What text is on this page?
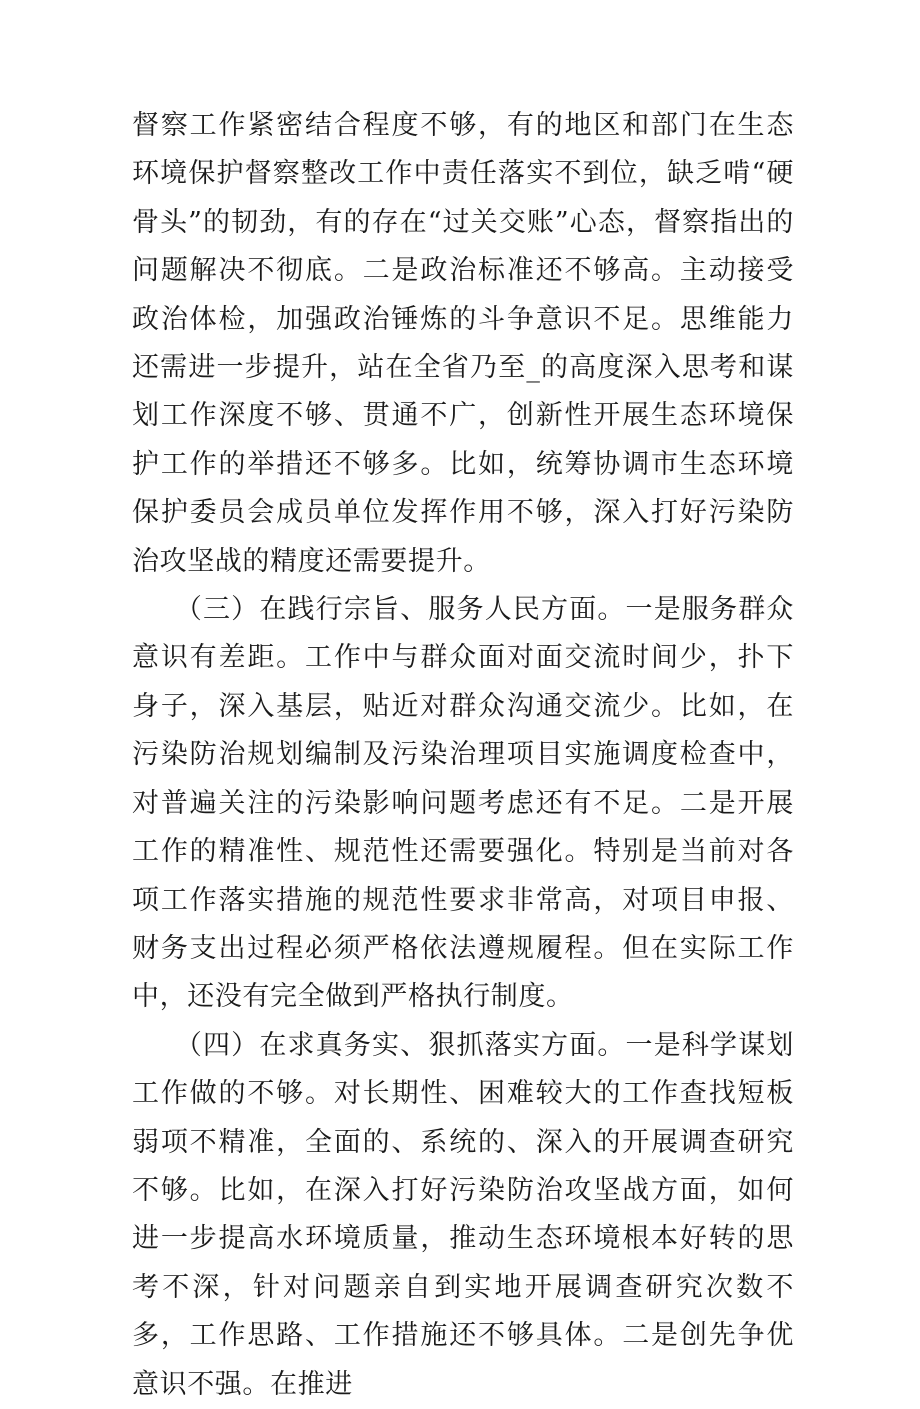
督察工作紧密结合程度不够，有的地区和部门在生态环境保护督察整改工作中责任落实不到位，缺乏啃“硬骨头”的韧劲，有的存在“过关交账”心态，督察指出的问题解决不彻底。二是政治标准还不够高。主动接受政治体检，加强政治锤炼的斗争意识不足。思维能力还需进一步提升，站在全省乃至_的高度深入思考和谋划工作深度不够、贯通不广，创新性开展生态环境保护工作的举措还不够多。比如，统筹协调市生态环境保护委员会成员单位发挥作用不够，深入打好污染防治攻坚战的精度还需要提升。

　　（三）在践行宗旨、服务人民方面。一是服务群众意识有差距。工作中与群众面对面交流时间少，扑下身子，深入基层，贴近对群众沟通交流少。比如，在污染防治规划编制及污染治理项目实施调度检查中，对普遍关注的污染影响问题考虑还有不足。二是开展工作的精准性、规范性还需要强化。特别是当前对各项工作落实措施的规范性要求非常高，对项目申报、财务支出过程必须严格依法遵规履程。但在实际工作中，还没有完全做到严格执行制度。

　　（四）在求真务实、狠抓落实方面。一是科学谋划工作做的不够。对长期性、困难较大的工作查找短板弱项不精准，全面的、系统的、深入的开展调查研究不够。比如，在深入打好污染防治攻坚战方面，如何进一步提高水环境质量，推动生态环境根本好转的思考不深，针对问题亲自到实地开展调查研究次数不多，工作思路、工作措施还不够具体。二是创先争优意识不强。在推进
